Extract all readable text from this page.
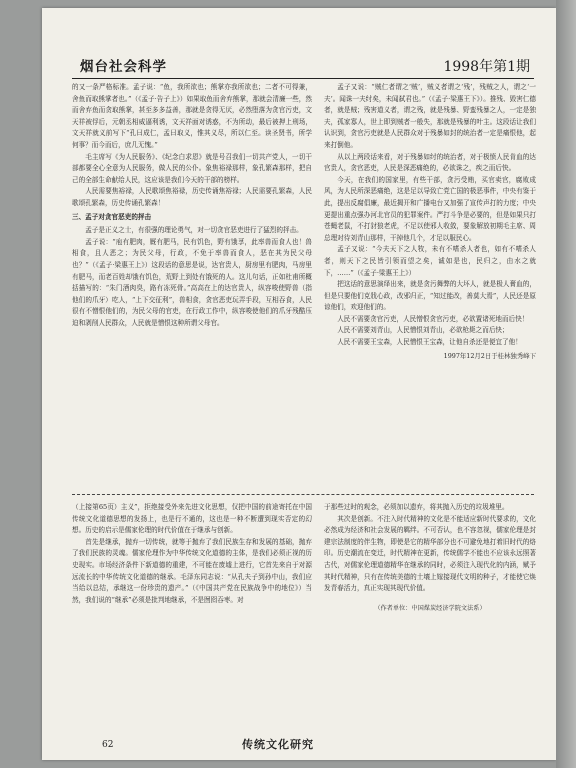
烟台社会科学	1998年第1期

的又一条严格标准。孟子说：“鱼，我所欲也；熊掌亦我所欲也；二者不可得兼，舍鱼而取熊掌者也。”（《孟子·告子上》）如果取鱼而舍弃熊掌，那就会清廉一些，然而舍弃鱼而贪取熊掌，甚至多多益善，那就是贪得无厌，必然堕落为贪官污吏，文天祥被俘后，元朝丞相威逼利诱，文天祥面对诱惑，不为所动，最后被押上刑场，文天祥就义前写下“孔曰成仁，孟曰取义，惟其义尽，所以仁至。读圣贤书，所学何事？而今而后，庶几无愧。”

毛主席写《为人民服务》、《纪念白求恩》就是号召我们一切共产党人，一切干部都要全心全意为人民服务，做人民的公仆。象焦裕禄那样，象孔繁森那样，把自己的全部生命献给人民，这应该是我们今天的干部的榜样。

人民需要焦裕禄，人民歌颂焦裕禄，历史传诵焦裕禄；人民需要孔繁森，人民歌颂孔繁森，历史传诵孔繁森！

三、孟子对贪官恶吏的抨击

孟子是正义之士，有很强的理论勇气，对一切贪官恶吏进行了猛烈的抨击。

孟子说：“庖有肥肉，厩有肥马，民有饥色，野有饿莩，此率兽而食人也！兽相食，且人恶之；为民父母，行政，不免于率兽而食人，恶在其为民父母也？”（《孟子·梁惠王上》）这段话的意思是说，达官贵人，厨房里有肥肉，马房里有肥马，而老百姓却饿有饥色，荒野上到处有饿死的人。这儿句话，正如杜甫所概括描写的：“朱门酒肉臭，路有冻死骨。”高高在上的达官贵人，纵容唆使野兽（指他们的爪牙）吃人，“上下交征利”，兽相食，贪官恶吏玩弄手段，互相吞食，人民很有不憎恨他们的，为民父母的官吏，在行政工作中，纵容唆使他们的爪牙残酷压迫和剥削人民群众，人民就是憎恨这种所谓父母官。

孟子又说：“贼仁者谓之‘贼’，贼义者谓之‘残’，残贼之人，谓之‘一夫’。闻诛一夫纣矣，未闻弑君也。”（《孟子·梁惠王下》）。推残、毁害仁德者，就是贼；残害道义者，谓之残，就是残暴、野蛮残暴之人，一定是独夫，孤家寡人，世上即到贼者一般失，那就是残暴的叶主。这段话让我们认识到，贪官污吏就是人民群众对于残暴如封的统治者一定是痛恨他，起来打倒他。

从以上两段话来看，对于残暴如纣的统治者，对于极愤人民肯血的达官贵人，贪官恶吏，人民是深恶痛绝的，必欲诛之，疾之而后快。

今天，在我们的国家里，有些干部，贪污受贿，买官卖官，腐败成风，为人民所深恶痛绝，这是足以导致亡党亡国的极恶事件，中央有鉴于此，提出反腐倡廉，最近揭开和广播电台又加强了宣传声打的力度；中央更提出重点强办河北官员的犯罪案件。严打斗争是必要的，但是如果只打苍蝇老鼠，不打豺狼老虎，不足以使邪人收敛，要象解放初期毛主席、周总理对待刘青山那样，干掉他几个，才足以服民心。

孟子又说：“今夫天下之人牧，未有不嗜杀人者也，如有不嗜杀人者，则天下之民皆引领而望之矣，诚如是也，民归之，由水之就下，……”（《孟子·梁惠王上》）

把这话的意思演绎出来，就是贪污舞弊的大坏人，就是极人膏血的，但是只要他们克戕心政，改邪归正，“知过能改，善莫大焉”，人民还是原谅他们，欢迎他们的。

人民不需要贪官污吏，人民憎恨贪官污吏，必欲置诸死地而后快！

人民不需要刘青山，人民憎恨刘青山，必欲枪毙之而后快；

人民不需要王宝森，人民憎恨王宝森，让他自杀还是便宜了他！

1997年12月2日于桂林独秀峰下

（上接第65页）主义”，拒绝接受外来先进文化思想，仅把中国的前途寄托在中国传统文化道德思想的发扬上，也是行不通的，这也是一种不断遭到现实否定的幻想。历史的启示是儒家伦理的时代价值在于继承与创新。

首先是继承，抛弃一切传统，就等于抛弃了我们民族生存和发展的基础，抛弃了我们民族的灵魂。儒家伦理作为中华传统文化道德的主体，是我们必须正视的历史现实。市场经济条件下新道德的重建，不可能在废墟上进行，它首先来自于对源远流长的中华传统文化道德的继承。毛泽东同志说：“从孔夫子到孙中山，我们应当给以总结，承继这一份珍贵的遗产。”（《中国共产党在民族战争中的地位》）当然，我们说的“继承”必须是批判地继承，不是囫囵吞枣。对

于那些过时的观念，必须加以遗弃，将其抛入历史的垃圾堆里。

其次是创新。不注入时代精神的文化是不能适应新时代要求的，文化必然成为经济和社会发展的羁绊。不可否认，也不容忽视，儒家伦理是封建宗法制度的伴生物，即使是它的精华部分也不可避免地打着旧时代的烙印。历史潮流在变迁，时代精神在更新，传统儒学不能也不应该永远照著古代，对儒家伦理道德精华在继承的同时，必须注入现代化的内涵，赋予其时代精神，只有在传统美德的土壤上嫁接现代文明的种子，才能使它焕发青春活力，真正实现其现代价值。

（作者单位：中国煤炭经济学院文法系）

62	传统文化研究
